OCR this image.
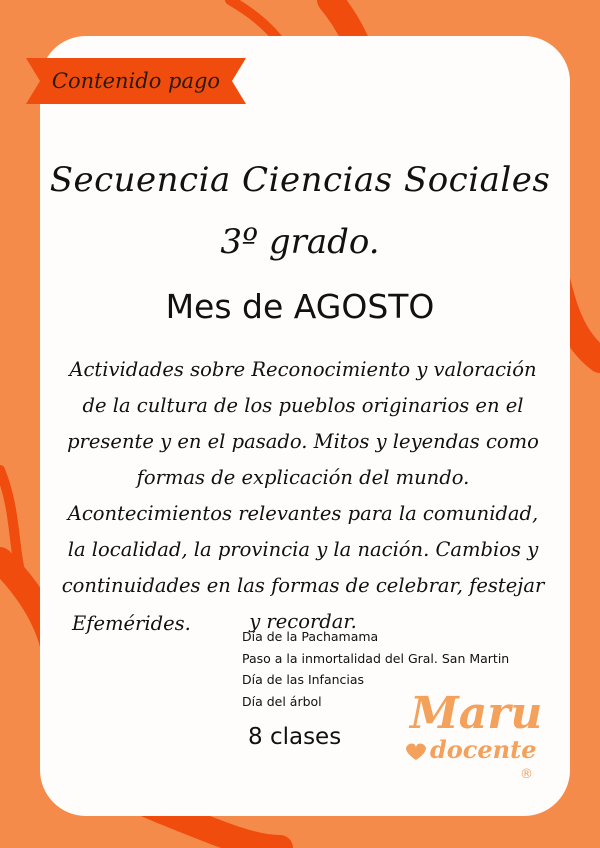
Contenido pago
Secuencia Ciencias Sociales
3º grado.
Mes de AGOSTO

Actividades sobre Reconocimiento y valoración de la cultura de los pueblos originarios en el presente y en el pasado. Mitos y leyendas como formas de explicación del mundo. Acontecimientos relevantes para la comunidad, la localidad, la provincia y la nación. Cambios y continuidades en las formas de celebrar, festejar y recordar.

Efemérides.
Día de la Pachamama
Paso a la inmortalidad del Gral. San Martin
Día de las Infancias
Día del árbol
8 clases Maru
docente
®
